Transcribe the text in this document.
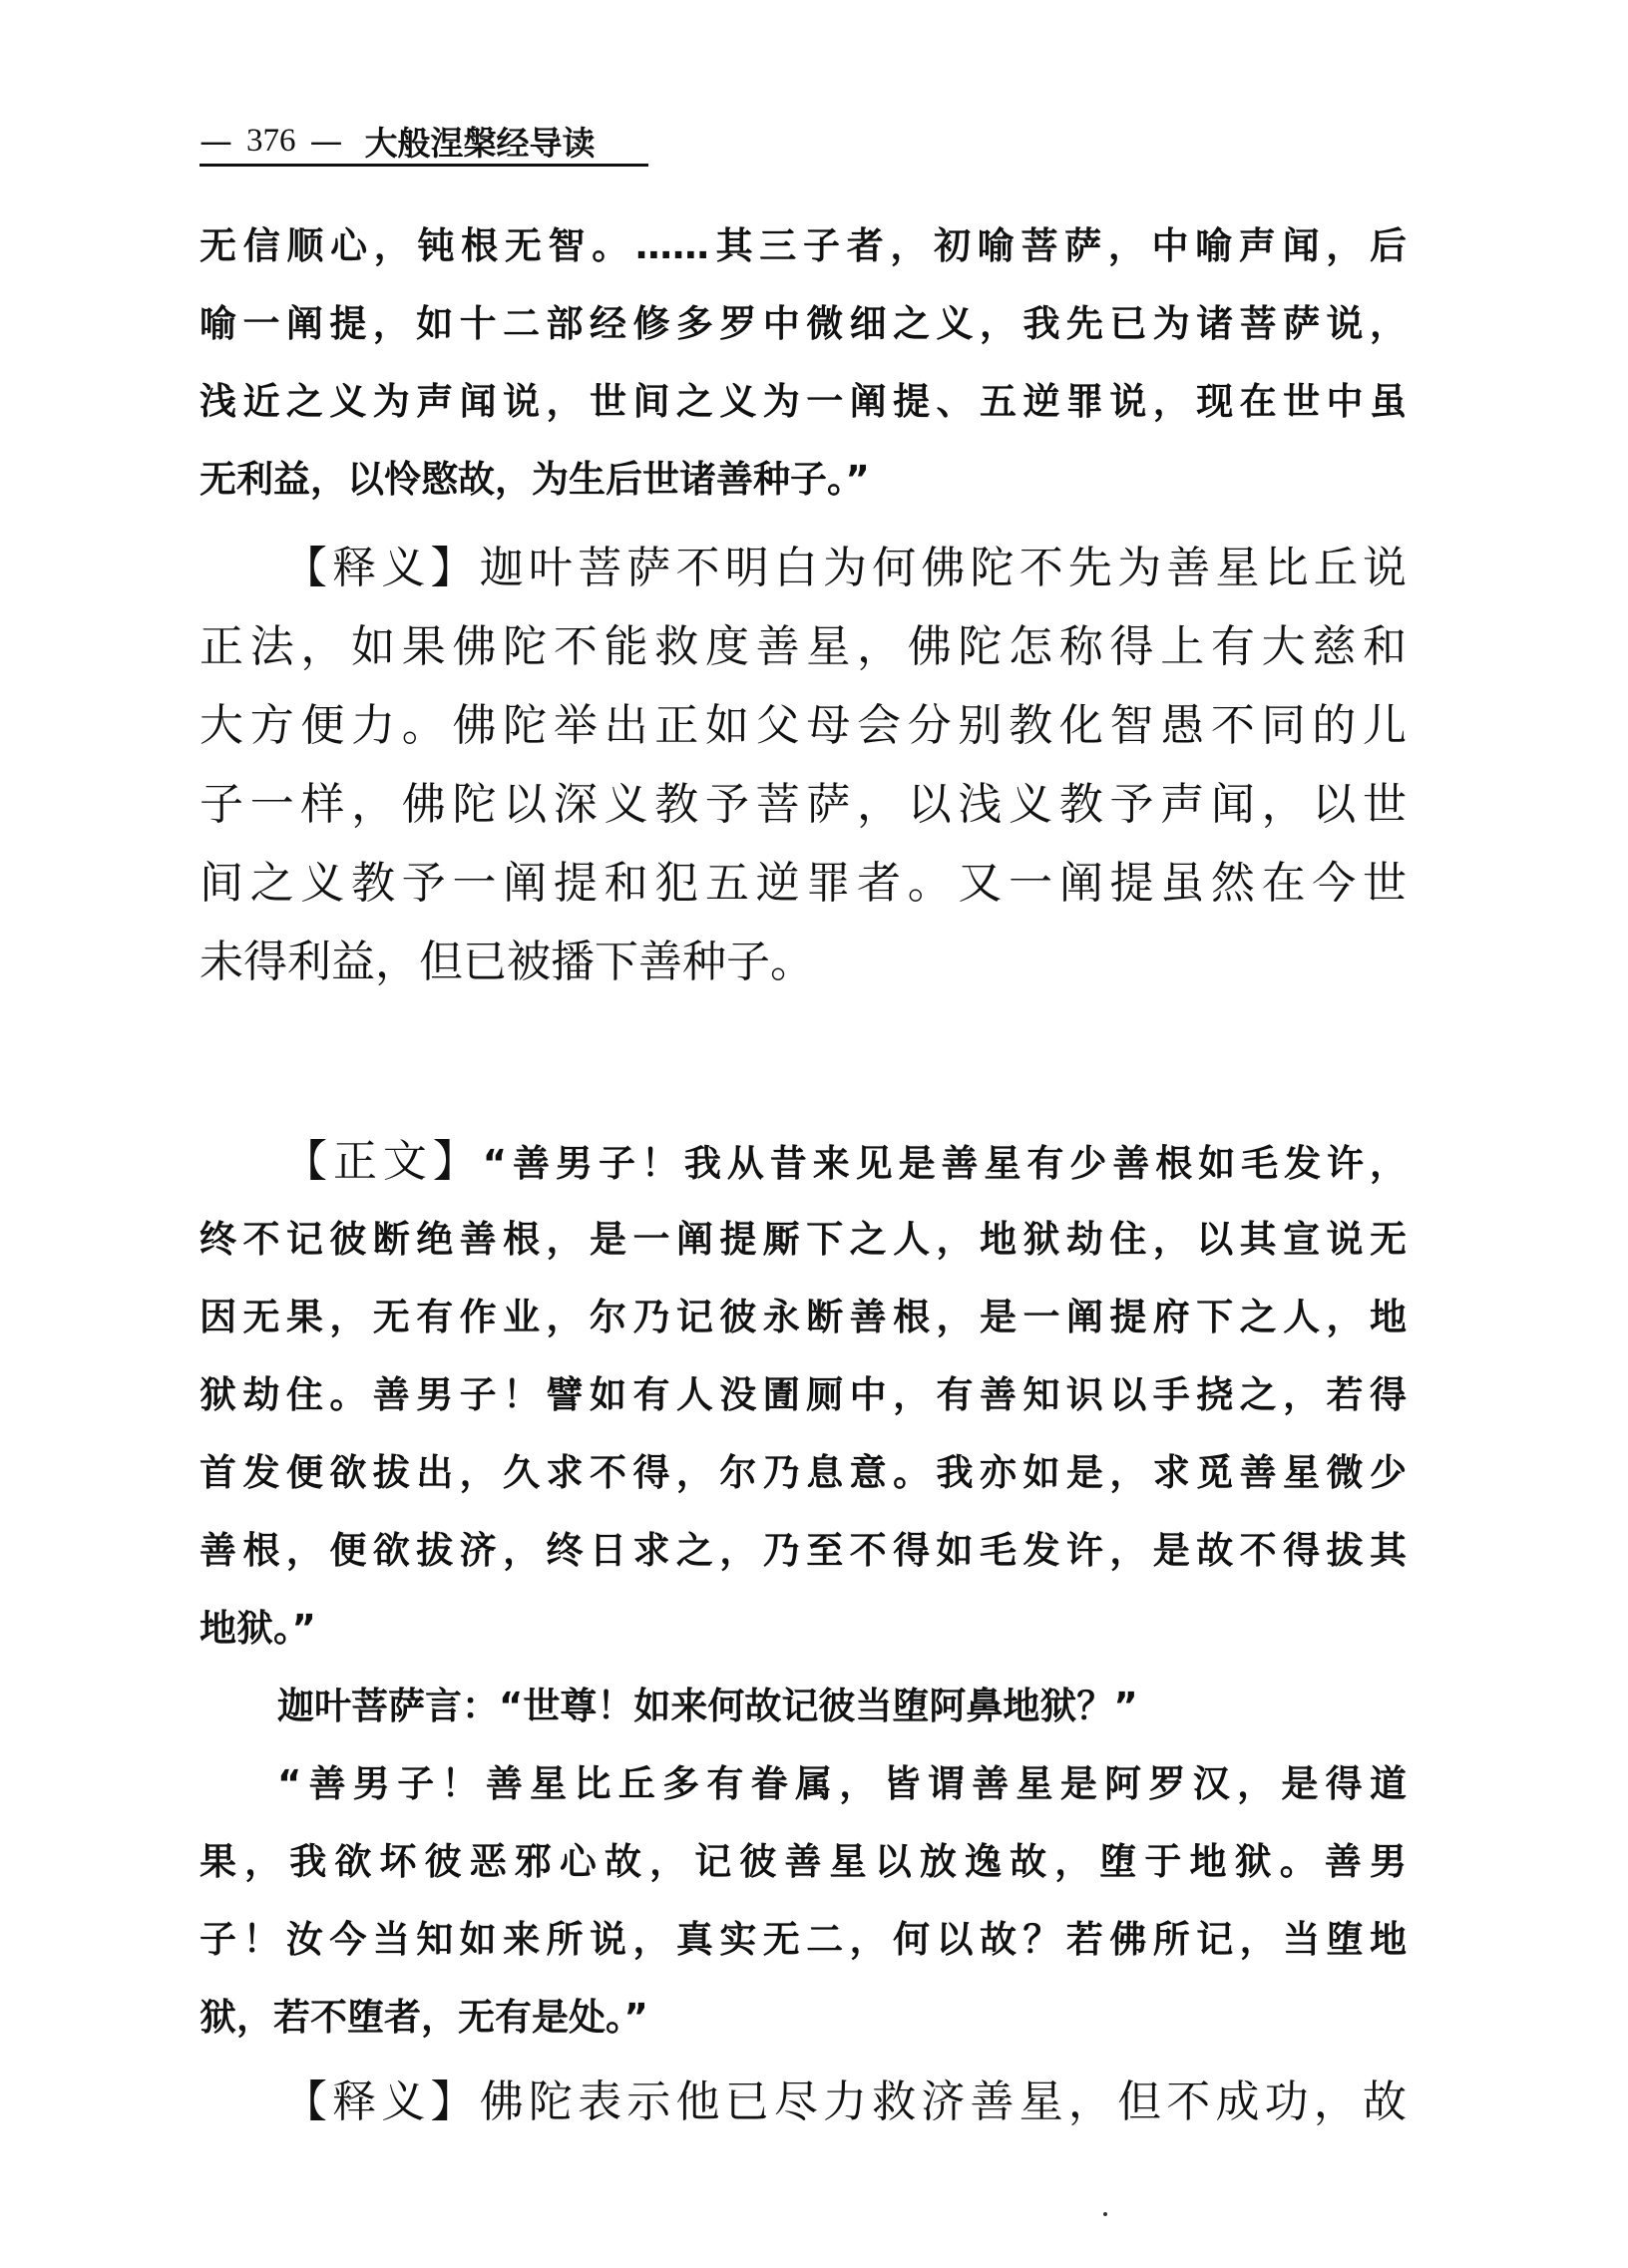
— 376 — 大般涅槃经导读
无信顺心，钝根无智。……其三子者，初喻菩萨，中喻声闻，后
喻一阐提，如十二部经修多罗中微细之义，我先已为诸菩萨说，
浅近之义为声闻说，世间之义为一阐提、五逆罪说，现在世中虽
无利益，以怜愍故，为生后世诸善种子。”
【释义】迦叶菩萨不明白为何佛陀不先为善星比丘说
正法，如果佛陀不能救度善星，佛陀怎称得上有大慈和
大方便力。佛陀举出正如父母会分别教化智愚不同的儿
子一样，佛陀以深义教予菩萨，以浅义教予声闻，以世
间之义教予一阐提和犯五逆罪者。又一阐提虽然在今世
未得利益，但已被播下善种子。
【正文】“善男子！我从昔来见是善星有少善根如毛发许，
终不记彼断绝善根，是一阐提厮下之人，地狱劫住，以其宣说无
因无果，无有作业，尔乃记彼永断善根，是一阐提府下之人，地
狱劫住。善男子！譬如有人没圊厕中，有善知识以手挠之，若得
首发便欲拔出，久求不得，尔乃息意。我亦如是，求觅善星微少
善根，便欲拔济，终日求之，乃至不得如毛发许，是故不得拔其
地狱。”
迦叶菩萨言：“世尊！如来何故记彼当堕阿鼻地狱？”
“善男子！善星比丘多有眷属，皆谓善星是阿罗汉，是得道
果，我欲坏彼恶邪心故，记彼善星以放逸故，堕于地狱。善男
子！汝今当知如来所说，真实无二，何以故？若佛所记，当堕地
狱，若不堕者，无有是处。”
【释义】佛陀表示他已尽力救济善星，但不成功，故
